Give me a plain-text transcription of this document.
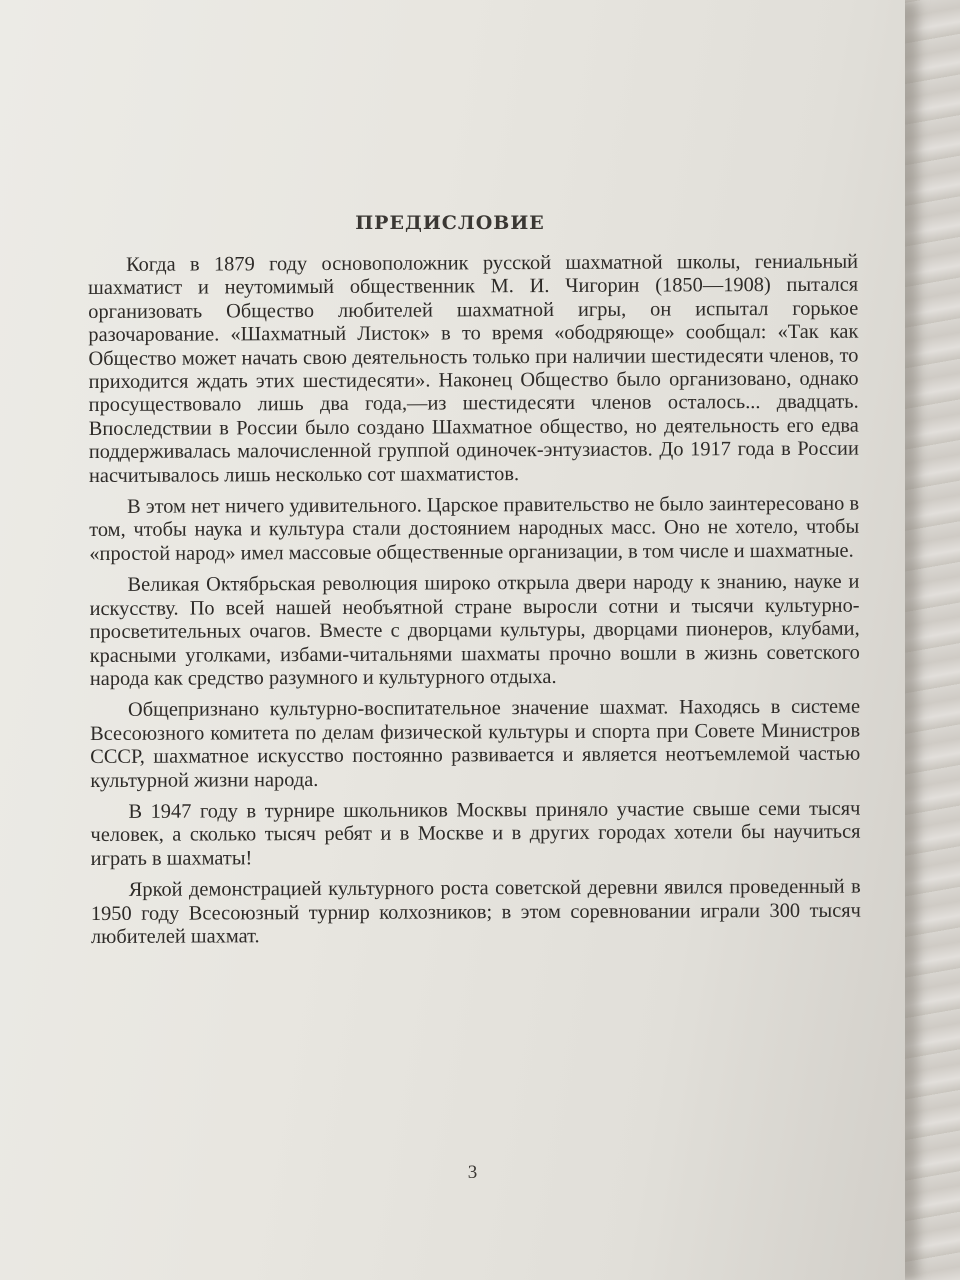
ПРЕДИСЛОВИЕ

Когда в 1879 году основоположник русской шахматной школы, гениальный шахматист и неутомимый общественник М. И. Чигорин (1850—1908) пытался организовать Общество любителей шахматной игры, он испытал горькое разочарование. «Шахматный Листок» в то время «ободряюще» сообщал: «Так как Общество может начать свою деятельность только при наличии шестидесяти членов, то приходится ждать этих шестидесяти». Наконец Общество было организовано, однако просуществовало лишь два года,—из шестидесяти членов осталось... двадцать. Впоследствии в России было создано Шахматное общество, но деятельность его едва поддерживалась малочисленной группой одиночек-энтузиастов. До 1917 года в России насчитывалось лишь несколько сот шахматистов.

В этом нет ничего удивительного. Царское правительство не было заинтересовано в том, чтобы наука и культура стали достоянием народных масс. Оно не хотело, чтобы «простой народ» имел массовые общественные организации, в том числе и шахматные.

Великая Октябрьская революция широко открыла двери народу к знанию, науке и искусству. По всей нашей необъятной стране выросли сотни и тысячи культурно-просветительных очагов. Вместе с дворцами культуры, дворцами пионеров, клубами, красными уголками, избами-читальнями шахматы прочно вошли в жизнь советского народа как средство разумного и культурного отдыха.

Общепризнано культурно-воспитательное значение шахмат. Находясь в системе Всесоюзного комитета по делам физической культуры и спорта при Совете Министров СССР, шахматное искусство постоянно развивается и является неотъемлемой частью культурной жизни народа.

В 1947 году в турнире школьников Москвы приняло участие свыше семи тысяч человек, а сколько тысяч ребят и в Москве и в других городах хотели бы научиться играть в шахматы!

Яркой демонстрацией культурного роста советской деревни явился проведенный в 1950 году Всесоюзный турнир колхозников; в этом соревновании играли 300 тысяч любителей шахмат.

3
